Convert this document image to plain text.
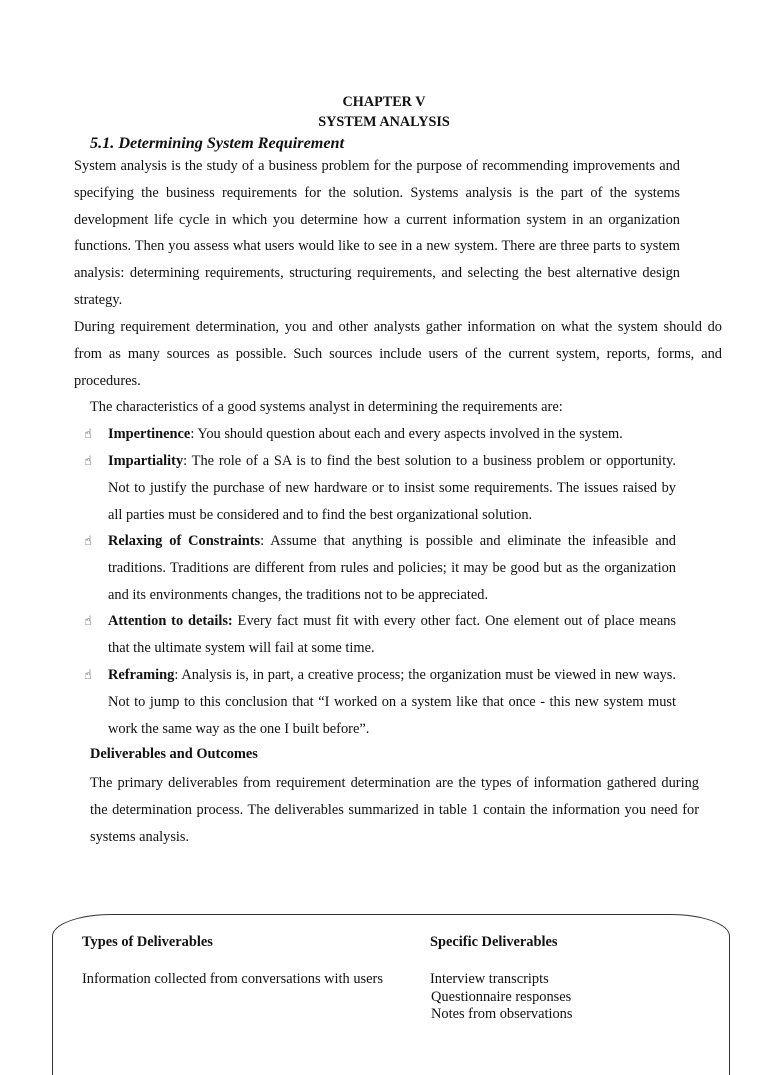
CHAPTER V
SYSTEM ANALYSIS
5.1. Determining System Requirement
System analysis is the study of a business problem for the purpose of recommending improvements and specifying the business requirements for the solution. Systems analysis is the part of the systems development life cycle in which you determine how a current information system in an organization functions. Then you assess what users would like to see in a new system. There are three parts to system analysis: determining requirements, structuring requirements, and selecting the best alternative design strategy.
During requirement determination, you and other analysts gather information on what the system should do from as many sources as possible. Such sources include users of the current system, reports, forms, and procedures.
The characteristics of a good systems analyst in determining the requirements are:
☝ Impertinence: You should question about each and every aspects involved in the system.
☝ Impartiality: The role of a SA is to find the best solution to a business problem or opportunity. Not to justify the purchase of new hardware or to insist some requirements. The issues raised by all parties must be considered and to find the best organizational solution.
☝ Relaxing of Constraints: Assume that anything is possible and eliminate the infeasible and traditions. Traditions are different from rules and policies; it may be good but as the organization and its environments changes, the traditions not to be appreciated.
☝ Attention to details: Every fact must fit with every other fact. One element out of place means that the ultimate system will fail at some time.
☝ Reframing: Analysis is, in part, a creative process; the organization must be viewed in new ways. Not to jump to this conclusion that “I worked on a system like that once - this new system must work the same way as the one I built before”.
Deliverables and Outcomes
The primary deliverables from requirement determination are the types of information gathered during the determination process. The deliverables summarized in table 1 contain the information you need for systems analysis.
Types of Deliverables	Specific Deliverables
Information collected from conversations with users	Interview transcripts
Questionnaire responses
Notes from observations
